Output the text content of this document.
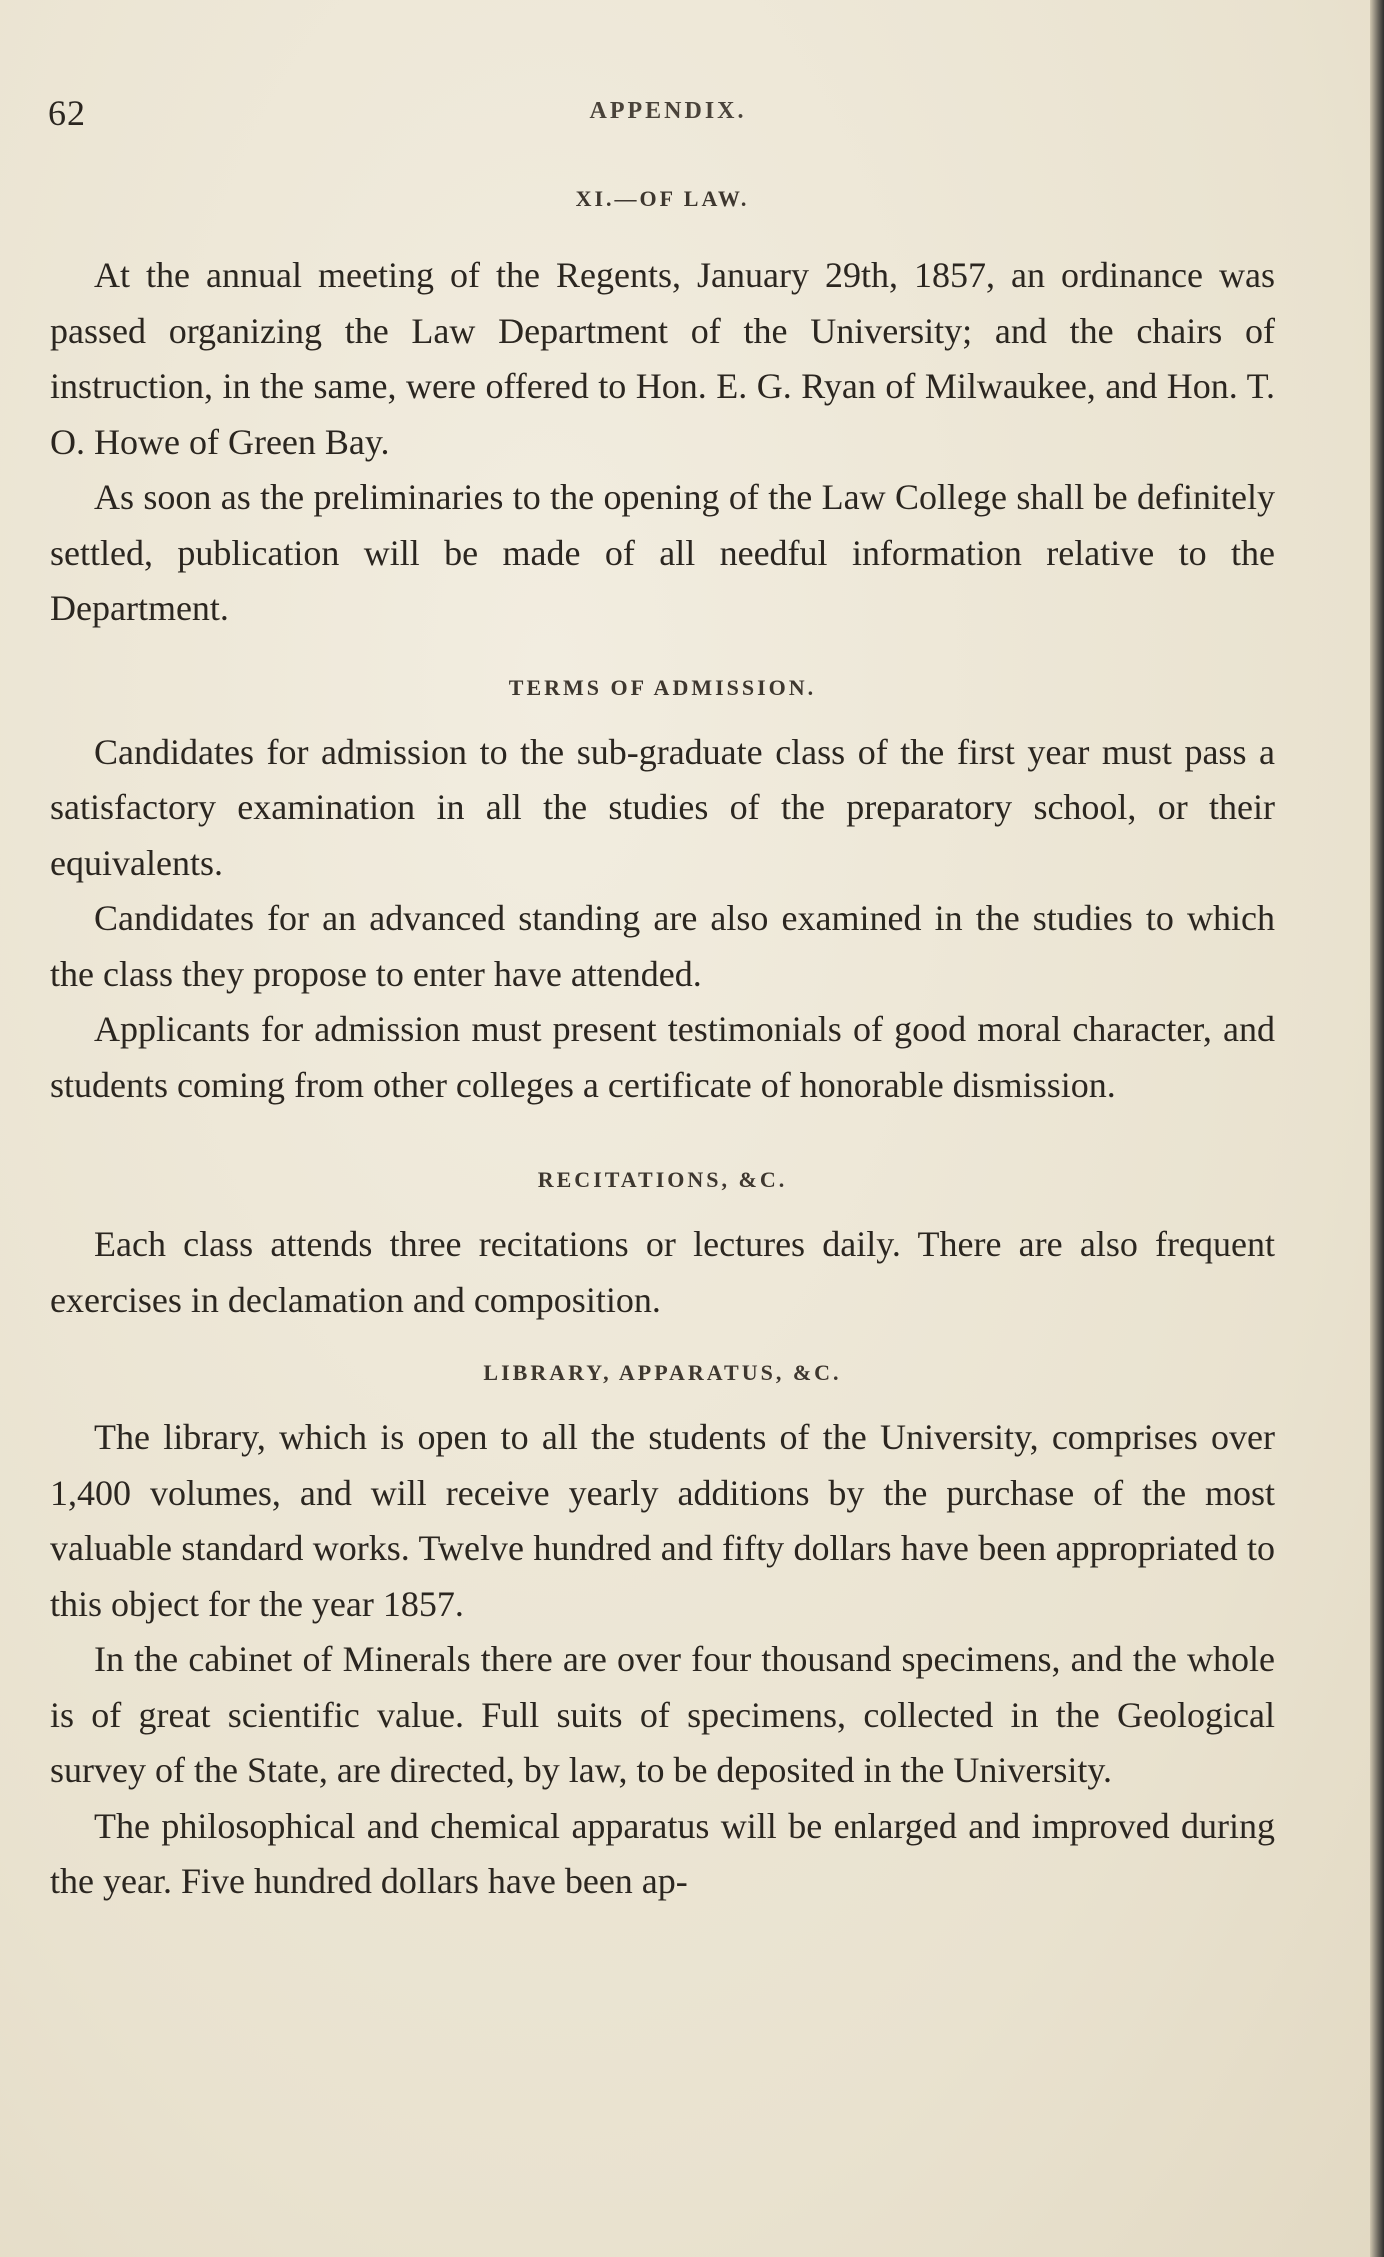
62	APPENDIX.
XI.—OF LAW.

At the annual meeting of the Regents, January 29th, 1857, an ordinance was passed organizing the Law Department of the University; and the chairs of instruction, in the same, were offered to Hon. E. G. Ryan of Milwaukee, and Hon. T. O. Howe of Green Bay.

As soon as the preliminaries to the opening of the Law College shall be definitely settled, publication will be made of all needful information relative to the Department.

TERMS OF ADMISSION.

Candidates for admission to the sub-graduate class of the first year must pass a satisfactory examination in all the studies of the preparatory school, or their equivalents.

Candidates for an advanced standing are also examined in the studies to which the class they propose to enter have attended.

Applicants for admission must present testimonials of good moral character, and students coming from other colleges a certificate of honorable dismission.

RECITATIONS, &C.

Each class attends three recitations or lectures daily. There are also frequent exercises in declamation and composition.

LIBRARY, APPARATUS, &C.

The library, which is open to all the students of the University, comprises over 1,400 volumes, and will receive yearly additions by the purchase of the most valuable standard works. Twelve hundred and fifty dollars have been appropriated to this object for the year 1857.

In the cabinet of Minerals there are over four thousand specimens, and the whole is of great scientific value. Full suits of specimens, collected in the Geological survey of the State, are directed, by law, to be deposited in the University.

The philosophical and chemical apparatus will be enlarged and improved during the year. Five hundred dollars have been ap-
